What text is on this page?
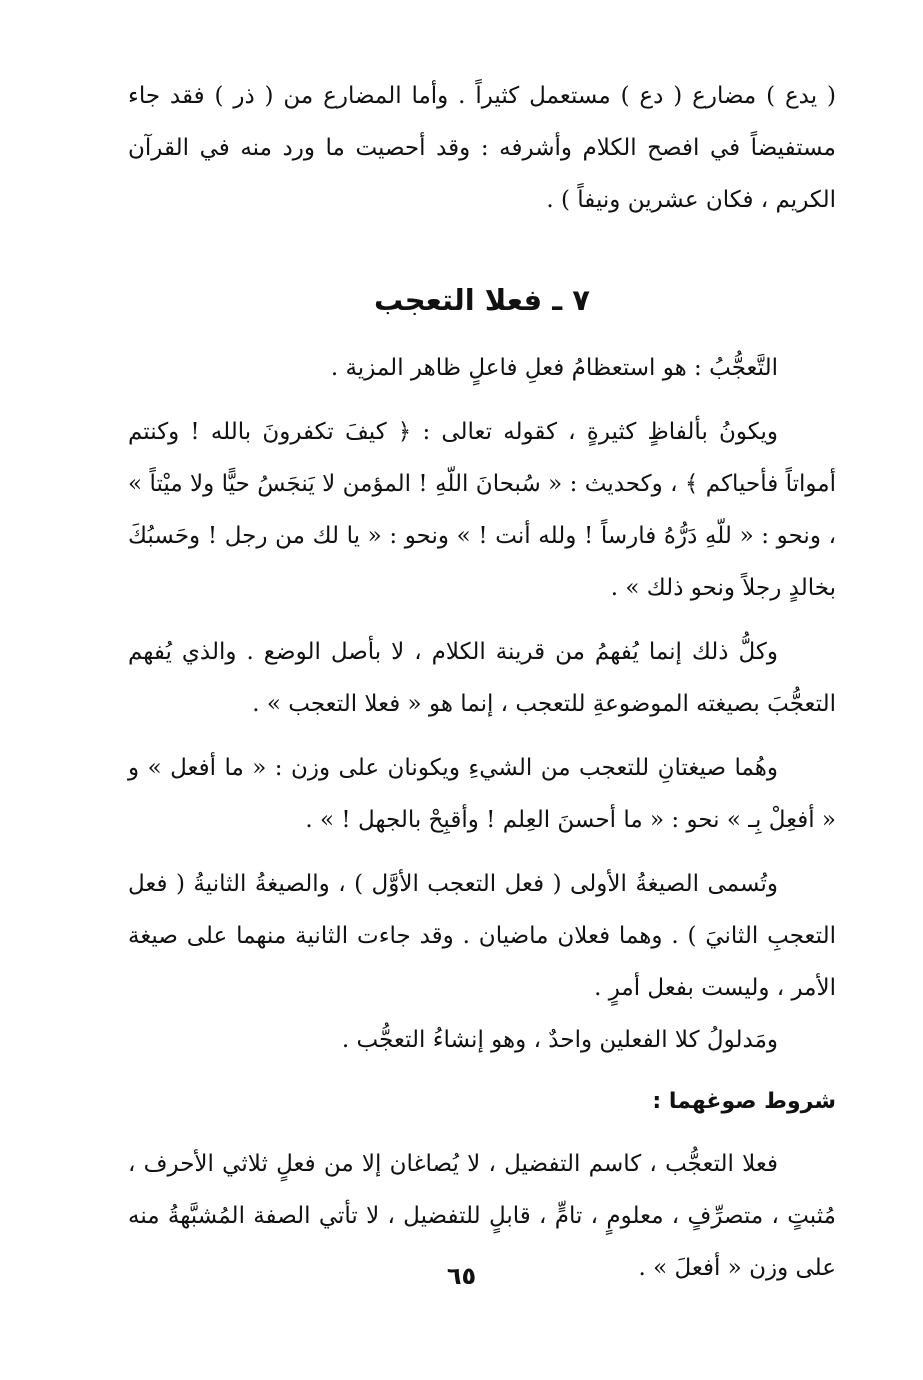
( يدع ) مضارع ( دع ) مستعمل كثيراً . وأما المضارع من ( ذر ) فقد جاء مستفيضاً في افصح الكلام وأشرفه : وقد أحصيت ما ورد منه في القرآن الكريم ، فكان عشرين ونيفاً ) .

٧ ـ فعلا التعجب

التَّعجُّبُ : هو استعظامُ فعلِ فاعلٍ ظاهر المزية .

ويكونُ بألفاظٍ كثيرةٍ ، كقوله تعالى : ﴿ كيفَ تكفرونَ بالله ! وكنتم أمواتاً فأحياكم ﴾ ، وكحديث : « سُبحانَ اللّهِ ! المؤمن لا يَنجَسُ حيًّا ولا ميْتاً » ، ونحو : « للّهِ دَرُّهُ فارساً ! ولله أنت ! » ونحو : « يا لك من رجل ! وحَسبُكَ بخالدٍ رجلاً ونحو ذلك » .

وكلُّ ذلك إنما يُفهمُ من قرينة الكلام ، لا بأصل الوضع . والذي يُفهم التعجُّبَ بصيغته الموضوعةِ للتعجب ، إنما هو « فعلا التعجب » .

وهُما صيغتانِ للتعجب من الشيءِ ويكونان على وزن : « ما أفعل » و « أفعِلْ بِـ » نحو : « ما أحسنَ العِلم ! وأقبِحْ بالجهل ! » .

وتُسمى الصيغةُ الأولى ( فعل التعجب الأوَّل ) ، والصيغةُ الثانيةُ ( فعل التعجبِ الثانيَ ) . وهما فعلان ماضيان . وقد جاءت الثانية منهما على صيغة الأمر ، وليست بفعل أمرٍ .

ومَدلولُ كلا الفعلين واحدٌ ، وهو إنشاءُ التعجُّب .

شروط صوغهما :

فعلا التعجُّب ، كاسم التفضيل ، لا يُصاغان إلا من فعلٍ ثلاثي الأحرف ، مُثبتٍ ، متصرِّفٍ ، معلومٍ ، تامٍّ ، قابلٍ للتفضيل ، لا تأتي الصفة المُشبَّهةُ منه على وزن « أفعلَ » .

٦٥
